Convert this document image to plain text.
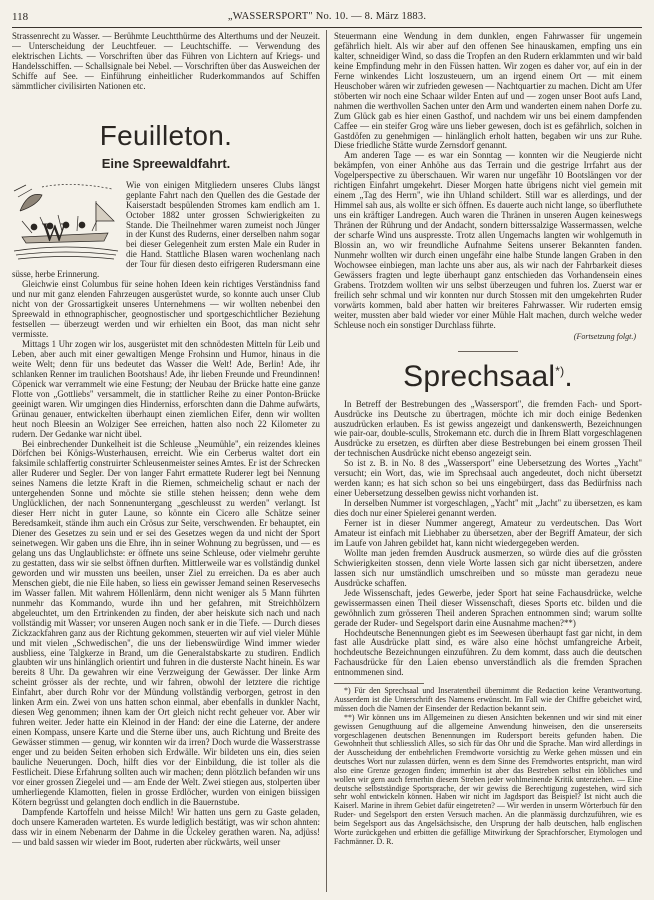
118	„WASSERSPORT" No. 10. — 8. März 1883.

Strassenrecht zu Wasser. — Berühmte Leuchtthürme des Alterthums und der Neuzeit. — Unterscheidung der Leuchtfeuer. — Leuchtschiffe. — Verwendung des elektrischen Lichts. — Vorschriften über das Führen von Lichtern auf Kriegs- und Handelsschiffen. — Schallsignale bei Nebel. — Vorschriften über das Ausweichen der Schiffe auf See. — Einführung einheitlicher Ruderkommandos auf Schiffen sämmtlicher civilisirten Nationen etc.

Feuilleton.
Eine Spreewaldfahrt.
W

Wie von einigen Mitgliedern unseres Clubs längst geplante Fahrt nach den Quellen des die Gestade der Kaiserstadt bespülenden Stromes kam endlich am 1. October 1882 unter grossen Schwierigkeiten zu Stande. Die Theilnehmer waren zumeist noch Jünger in der Kunst des Ruderns, einer derselben nahm sogar bei dieser Gelegenheit zum ersten Male ein Ruder in die Hand. Stattliche Blasen waren wochenlang nach der Tour für diesen desto eifrigeren Rudersmann eine süsse, herbe Erinnerung.

Gleichwie einst Columbus für seine hohen Ideen kein richtiges Verständniss fand und nur mit ganz elenden Fahrzeugen ausgerüstet wurde, so konnte auch unser Club nicht von der Grossartigkeit unseres Unternehmens — wir wollten nebenbei den Spreewald in ethnographischer, geognostischer und sportgeschichtlicher Beziehung festsellen — überzeugt werden und wir erhielten ein Boot, das man nicht sehr vermisste.

Mittags 1 Uhr zogen wir los, ausgerüstet mit den schnödesten Mitteln für Leib und Leben, aber auch mit einer gewaltigen Menge Frohsinn und Humor, hinaus in die weite Welt; denn für uns bedeutet das Wasser die Welt! Ade, Berlin! Ade, ihr schlanken Renner im traulichen Bootshaus! Ade, ihr lieben Freunde und Freundinnen! Cöpenick war verrammelt wie eine Festung; der Neubau der Brücke hatte eine ganze Flotte von „Gottliebs" versammelt, die in stattlicher Reihe zu einer Ponton-Brücke geeinigt waren. Wir umgingen dies Hinderniss, erforschten dann die Dahme aufwärts, Grünau genauer, entwickelten überhaupt einen ziemlichen Eifer, denn wir wollten heut noch Bleesin an Wolziger See erreichen, hatten also noch 22 Kilometer zu rudern. Der Gedanke war nicht übel.

Bei einbrechender Dunkelheit ist die Schleuse „Neumühle", ein reizendes kleines Dörfchen bei Königs-Wusterhausen, erreicht. Wie ein Cerberus waltet dort ein faksimile schlaffertig construirter Schleusenmeister seines Amtes. Er ist der Schrecken aller Ruderer und Segler. Der von langer Fahrt ermattete Ruderer legt bei Nennung seines Namens die letzte Kraft in die Riemen, schmeichelig schaut er nach der untergehenden Sonne und möchte sie stille stehen heissen; denn wehe dem Unglücklichen, der nach Sonnenuntergang „geschleusst zu werden" verlangt. Ist dieser Herr nicht in guter Laune, so könnte ein Cicero alle Schätze seiner Beredsamkeit, stände ihm auch ein Crösus zur Seite, verschwenden. Er behauptet, ein Diener des Gesetzes zu sein und er sei des Gesetzes wegen da und nicht der Sport seinetwegen. Wir gaben uns die Ehre, ihn in seiner Wohnung zu begrüssen, und — es gelang uns das Unglaublichste: er öffnete uns seine Schleuse, oder vielmehr geruhte zu gestatten, dass wir sie selbst öffnen durften. Mittlerweile war es vollständig dunkel geworden und wir mussten uns beeilen, unser Ziel zu erreichen. Da es aber auch Menschen giebt, die nie Eile haben, so liess ein gewisser Jemand seinen Reservesechs im Wasser fallen. Mit wahrem Höllenlärm, denn nicht weniger als 5 Mann führten nunmehr das Kommando, wurde ihn und her gefahren, mit Streichhölzern abgeleuchtet, um den Ertrinkenden zu finden, der aber heiskute sich nach und nach vollständig mit Wasser; vor unseren Augen noch sank er in die Tiefe. — Durch dieses Zickzackfahren ganz aus der Richtung gekommen, steuerten wir auf viel vieler Mühle und mit vielen „Schwedischen", die uns der liebenswürdige Wind immer wieder ausbliess, eine Talgkerze in Brand, um die Generalstabskarte zu studiren. Endlich glaubten wir uns hinlänglich orientirt und fuhren in die dusterste Nacht hinein. Es war bereits 8 Uhr. Da gewahren wir eine Verzweigung der Gewässer. Der linke Arm scheint grösser als der rechte, und wir fahren, obwohl der letztere die richtige Einfahrt, aber durch Rohr vor der Mündung vollständig verborgen, getrost in den linken Arm ein. Zwei von uns hatten schon einmal, aber ebenfalls in dunkler Nacht, diesen Weg genommen; ihnen kam der Ort gleich nicht recht geheuer vor. Aber wir fuhren weiter. Jeder hatte ein Kleinod in der Hand: der eine die Laterne, der andere einen Kompass, unsere Karte und die Sterne über uns, auch Richtung und Breite des Gewässer stimmen — genug, wir konnten wir da irren? Doch wurde die Wasserstrasse enger und zu beiden Seiten erhoben sich Erdwälle. Wir bildeten uns ein, dies seien bauliche Neuerungen. Doch, hilft dies vor der Einbildung, die ist toller als die Festlicheit. Diese Erfahrung sollten auch wir machen; denn plötzlich befanden wir uns vor einer grossen Ziegelei und — am Ende der Welt. Zwei stiegen aus, stolperten über umherliegende Klamotten, fielen in grosse Erdlöcher, wurden von einigen biissigen Kötern begrüsst und gelangten doch endlich in die Bauernstube.

Dampfende Kartoffeln und heisse Milch! Wir hatten uns gern zu Gaste geladen, doch unsere Kameraden warteten. Es wurde lediglich bestätigt, was wir schon ahnten: dass wir in einem Nebenarm der Dahme in die Ückeley gerathen waren. Na, adjüss! — und bald sassen wir wieder im Boot, ruderten aber rückwärts, weil unser

Steuermann eine Wendung in dem dunklen, engen Fahrwasser für ungemein gefährlich hielt. Als wir aber auf den offenen See hinauskamen, empfing uns ein kalter, schneidiger Wind, so dass die Tropfen an den Rudern erklammten und wir bald keine Empfindung mehr in den Füssen hatten. Wir zogen es daher vor, auf ein in der Ferne winkendes Licht loszusteuern, um an irgend einem Ort — mit einem Heuschober wären wir zufrieden gewesen — Nachtquartier zu machen. Dicht am Ufer stöberten wir noch eine Schaar wilder Enten auf und — zogen unser Boot aufs Land, nahmen die werthvollen Sachen unter den Arm und wanderten einem nahen Dorfe zu. Zum Glück gab es hier einen Gasthof, und nachdem wir uns bei einem dampfenden Caffee — ein steifer Grog wäre uns lieber gewesen, doch ist es gefährlich, solchen in Gastdöfen zu genehmigen — hinlänglich erholt hatten, begaben wir uns zur Ruhe. Diese friedliche Stätte wurde Zernsdorf genannt.

Am anderen Tage — es war ein Sonntag — konnten wir die Neugierde nicht bekämpfen, von einer Anhöhe aus das Terrain und die gestrige Irrfahrt aus der Vogelperspective zu überschauen. Wir waren nur ungefähr 10 Bootslängen vor der richtigen Einfahrt umgekehrt. Dieser Morgen hatte übrigens nicht viel gemein mit einem „Tag des Herrn", wie ihn Uhland schildert. Still war es allerdings, und der Himmel sah aus, als wollte er sich öffnen. Es dauerte auch nicht lange, so überfluthete uns ein kräftiger Landregen. Auch waren die Thränen in unseren Augen keineswegs Thränen der Rührung und der Andacht, sondern bitterssalzige Wassermassen, welche der scharfe Wind uns auspresste. Trotz allen Ungemachs langten wir wohlgemuth in Blossin an, wo wir freundliche Aufnahme Seitens unserer Bekannten fanden. Nunmehr wollten wir durch einen ungefähr eine halbe Stunde langen Graben in den Wochowsee einbiegen, man lachte uns aber aus, als wir nach der Fahrbarkeit dieses Gewässers fragten und legte überhaupt ganz entschieden das Vorhandensein eines Grabens. Trotzdem wollten wir uns selbst überzeugen und fuhren los. Zuerst war er freilich sehr schmal und wir konnten nur durch Stossen mit den umgekehrten Ruder vorwärts kommen, bald aber hatten wir breiteres Fahrwasser. Wir ruderten emsig weiter, mussten aber bald wieder vor einer Mühle Halt machen, durch welche weder Schleuse noch ein sonstiger Durchlass führte.

(Fortsetzung folgt.)
Sprechsaal*).

In Betreff der Bestrebungen des „Wassersport", die fremden Fach- und Sport-Ausdrücke ins Deutsche zu übertragen, möchte ich mir doch einige Bedenken auszudrücken erlauben. Es ist gewiss angezeigt und dankenswerth, Bezeichnungen wie pair-oar, double-sculls, Strokemann etc. durch die in Ihrem Blatt vorgeschlagenen Ausdrücke zu ersetzen, es dürften aber diese Bestrebungen bei einem grossen Theil der technischen Ausdrücke nicht ebenso angezeigt sein.

So ist z. B. in No. 8 des „Wassersport" eine Uebersetzung des Wortes „Yacht" versucht; ein Wort, das, wie im Sprechsaal auch angedeutet, doch nicht übersetzt werden kann; es hat sich schon so bei uns eingebürgert, dass das Bedürfniss nach einer Uebersetzung desselben gewiss nicht vorhanden ist.

In derselben Nummer ist vorgeschlagen, „Yacht" mit „Jacht" zu übersetzen, es kam dies doch nur einer Spielerei genannt werden.

Ferner ist in dieser Nummer angeregt, Amateur zu verdeutschen. Das Wort Amateur ist einfach mit Liebhaber zu übersetzen, aber der Begriff Amateur, der sich im Laufe von Jahren gebildet hat, kann nicht wiedergegeben werden.

Wollte man jeden fremden Ausdruck ausmerzen, so würde dies auf die grössten Schwierigkeiten stossen, denn viele Worte lassen sich gar nicht übersetzen, andere lassen sich nur umständlich umschreiben und so müsste man geradezu neue Ausdrücke schaffen.

Jede Wissenschaft, jedes Gewerbe, jeder Sport hat seine Fachausdrücke, welche gewissermassen einen Theil dieser Wissenschaft, dieses Sports etc. bilden und die gewöhnlich zum grösseren Theil anderen Sprachen entnommen sind; warum sollte gerade der Ruder- und Segelsport darin eine Ausnahme machen?**)

Hochdeutsche Benennungen giebt es im Seewesen überhaupt fast gar nicht, in dem fast alle Ausdrücke platt sind, es wäre also eine höchst umfangreiche Arbeit, hochdeutsche Bezeichnungen einzuführen. Zu dem kommt, dass auch die deutschen Fachausdrücke für den Laien ebenso unverständlich als die fremden Sprachen entnommenen sind.

*) Für den Sprechsaal und Inseratentheil übernimmt die Redaction keine Verantwortung. Ausserdem ist die Unterschrift des Namens erwünscht. Im Fall wie der Chiffre gebeichet wird, müssen doch die Namen der Einsender der Redaction bekannt sein.

**) Wir können uns im Allgemeinen zu diesen Ansichten bekennen und wir sind mit einer gewissen Genugthuung auf die allgemeine Anwendung hinweisen, den die unsererseits vorgeschlagenen deutschen Benennungen im Rudersport bereits gefunden haben. Die Gewohnheit thut schliesslich Alles, so sich für das Ohr und die Sprache. Man wird allerdings in der Ausscheidung der entbehrlichen Fremdworte vorsichtig zu Werke gehen müssen und ein deutsches Wort nur zulassen dürfen, wenn es dem Sinne des Fremdwortes entspricht, man wird also eine Grenze gezogen finden; immerhin ist aber das Bestreben selbst ein löbliches und wollen wir gern auch fernerhin diesem Streben jeder wohlmeinende Kritik unterziehen. — Eine deutsche selbstständige Sportsprache, der wir gewiss die Berechtigung zugestehen, wird sich sehr wohl entwickeln können. Haben wir nicht im Jagdsport das Beispiel? Ist nicht auch die Kaiserl. Marine in ihrem Gebiet dafür eingetreten? — Wir werden in unserm Wörterbuch für den Ruder- und Segelsport den ersten Versuch machen. An die planmässig durchzuführen, wie es beim Segelsport aus das Angelsächsische, den Ursprung der halb deutschen, halb englischen Worte zurückgehen und erbitten die gefällige Mitwirkung der Sprachforscher, Etymologen und Fachmänner. D. R.
